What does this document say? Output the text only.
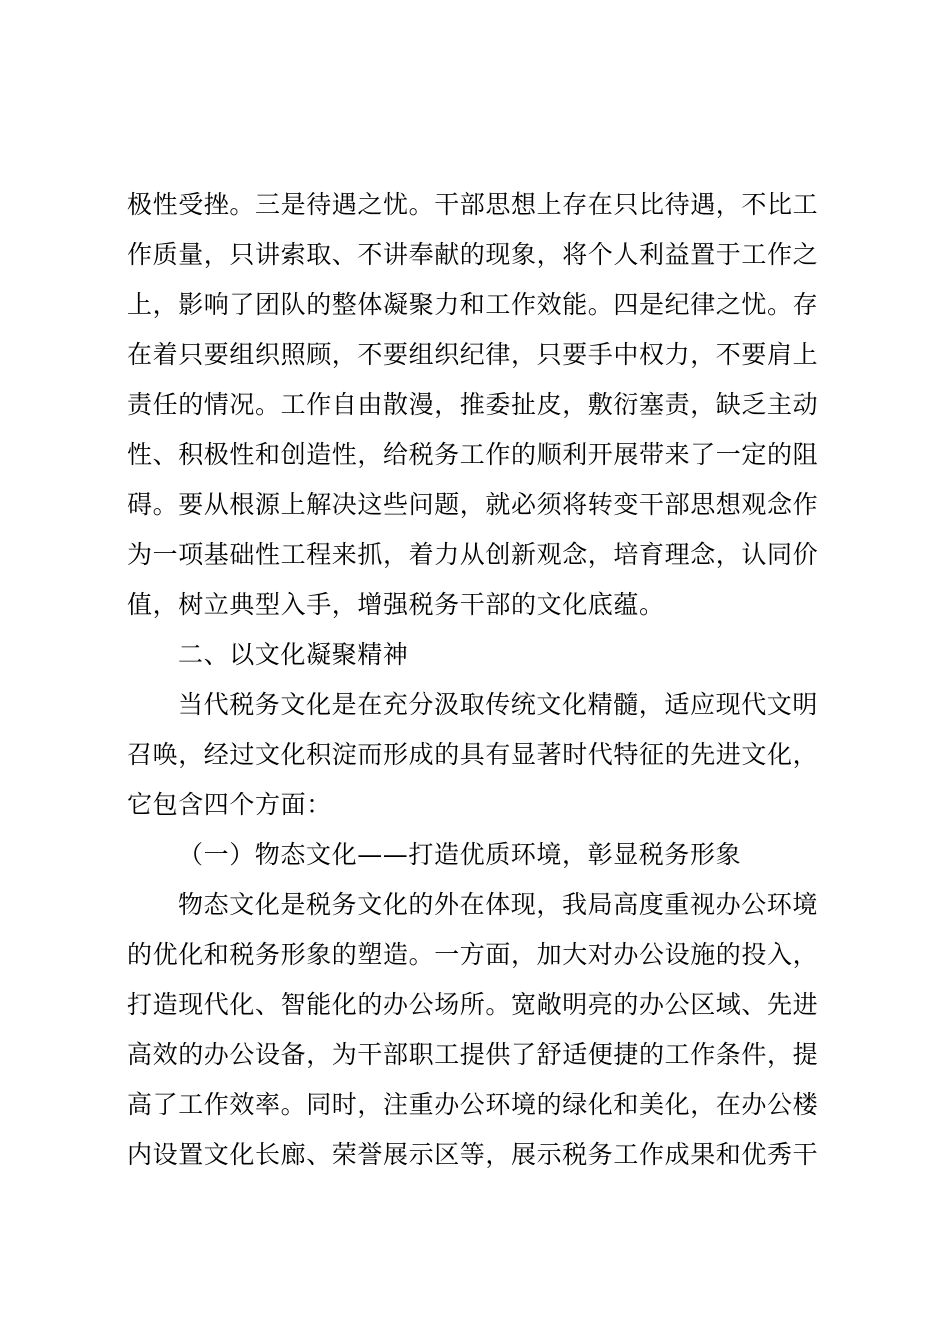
极性受挫。三是待遇之忧。干部思想上存在只比待遇，不比工
作质量，只讲索取、不讲奉献的现象，将个人利益置于工作之
上，影响了团队的整体凝聚力和工作效能。四是纪律之忧。存
在着只要组织照顾，不要组织纪律，只要手中权力，不要肩上
责任的情况。工作自由散漫，推委扯皮，敷衍塞责，缺乏主动
性、积极性和创造性，给税务工作的顺利开展带来了一定的阻
碍。要从根源上解决这些问题，就必须将转变干部思想观念作
为一项基础性工程来抓，着力从创新观念，培育理念，认同价
值，树立典型入手，增强税务干部的文化底蕴。
二、以文化凝聚精神
当代税务文化是在充分汲取传统文化精髓，适应现代文明
召唤，经过文化积淀而形成的具有显著时代特征的先进文化，
它包含四个方面：
（一）物态文化——打造优质环境，彰显税务形象
物态文化是税务文化的外在体现，我局高度重视办公环境
的优化和税务形象的塑造。一方面，加大对办公设施的投入，
打造现代化、智能化的办公场所。宽敞明亮的办公区域、先进
高效的办公设备，为干部职工提供了舒适便捷的工作条件，提
高了工作效率。同时，注重办公环境的绿化和美化，在办公楼
内设置文化长廊、荣誉展示区等，展示税务工作成果和优秀干
